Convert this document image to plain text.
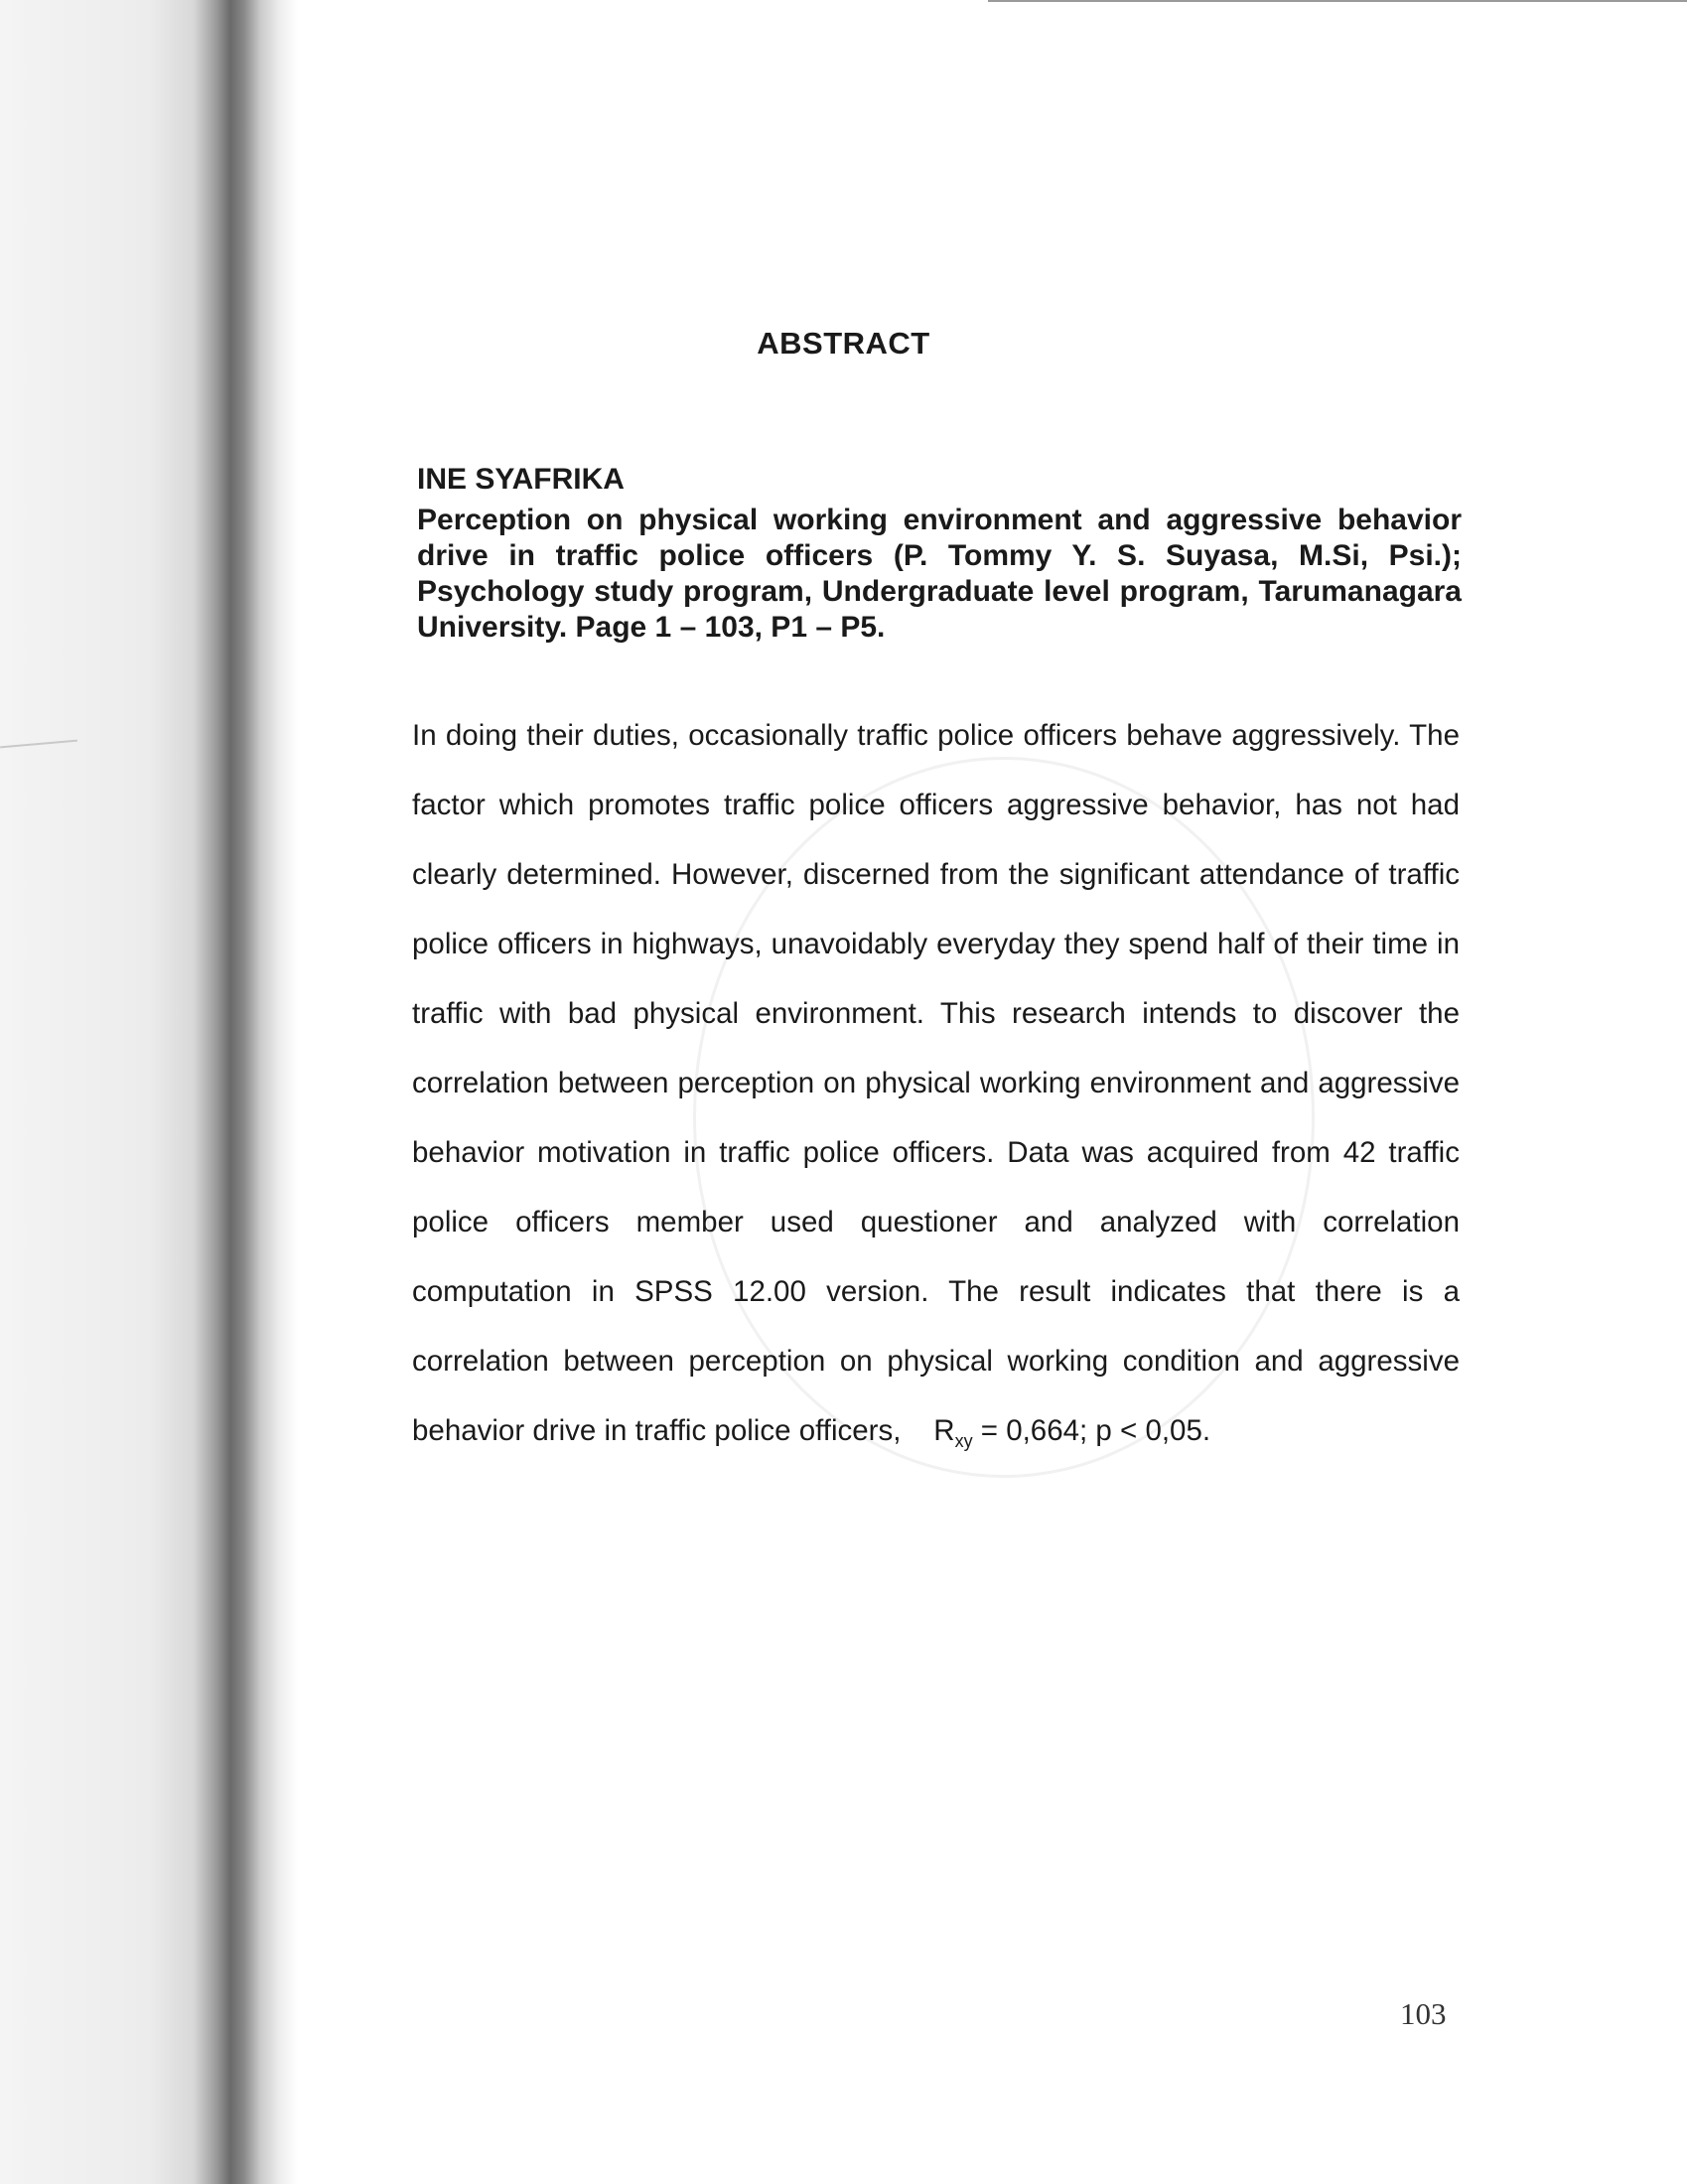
ABSTRACT
INE SYAFRIKA
Perception on physical working environment and aggressive behavior drive in traffic police officers (P. Tommy Y. S. Suyasa, M.Si, Psi.); Psychology study program, Undergraduate level program, Tarumanagara University. Page 1 – 103, P1 – P5.
In doing their duties, occasionally traffic police officers behave aggressively. The factor which promotes traffic police officers aggressive behavior, has not had clearly determined. However, discerned from the significant attendance of traffic police officers in highways, unavoidably everyday they spend half of their time in traffic with bad physical environment. This research intends to discover the correlation between perception on physical working environment and aggressive behavior motivation in traffic police officers. Data was acquired from 42 traffic police officers member used questioner and analyzed with correlation computation in SPSS 12.00 version. The result indicates that there is a correlation between perception on physical working condition and aggressive behavior drive in traffic police officers, $R_{xy} = 0,664$; p < 0,05.
103
